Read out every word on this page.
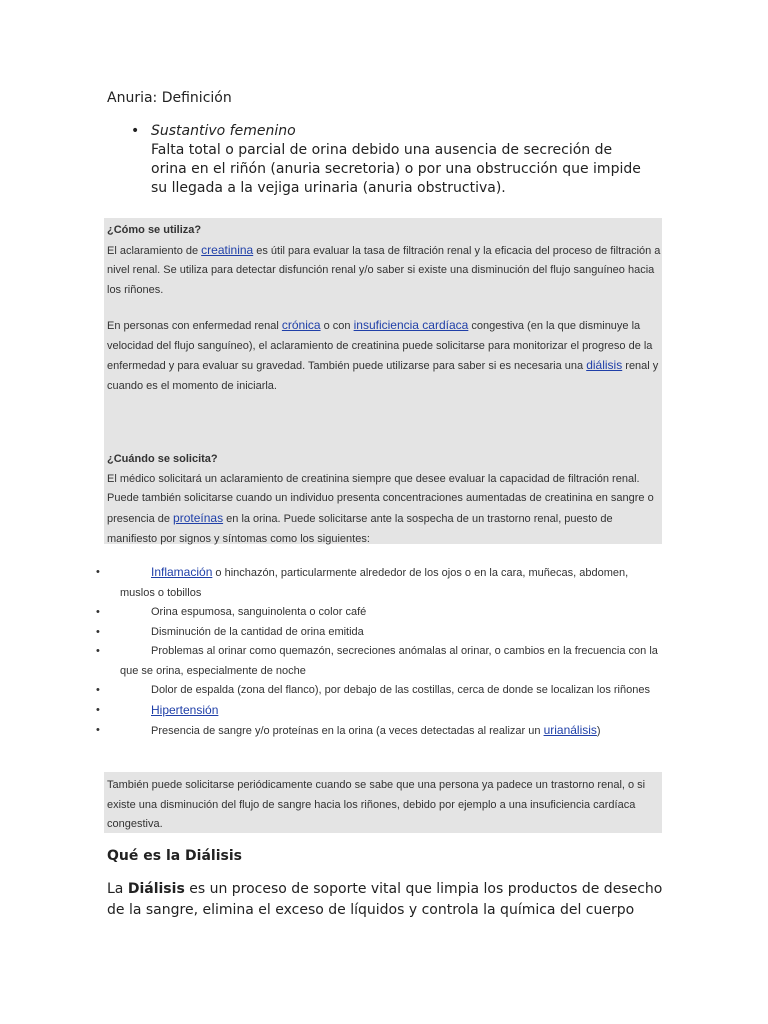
Anuria: Definición
• Sustantivo femenino
Falta total o parcial de orina debido una ausencia de secreción de orina en el riñón (anuria secretoria) o por una obstrucción que impide su llegada a la vejiga urinaria (anuria obstructiva).
¿Cómo se utiliza?
El aclaramiento de creatinina es útil para evaluar la tasa de filtración renal y la eficacia del proceso de filtración a nivel renal. Se utiliza para detectar disfunción renal y/o saber si existe una disminución del flujo sanguíneo hacia los riñones.
En personas con enfermedad renal crónica o con insuficiencia cardíaca congestiva (en la que disminuye la velocidad del flujo sanguíneo), el aclaramiento de creatinina puede solicitarse para monitorizar el progreso de la enfermedad y para evaluar su gravedad. También puede utilizarse para saber si es necesaria una diálisis renal y cuando es el momento de iniciarla.
¿Cuándo se solicita?
El médico solicitará un aclaramiento de creatinina siempre que desee evaluar la capacidad de filtración renal. Puede también solicitarse cuando un individuo presenta concentraciones aumentadas de creatinina en sangre o presencia de proteínas en la orina. Puede solicitarse ante la sospecha de un trastorno renal, puesto de manifiesto por signos y síntomas como los siguientes:
•	Inflamación o hinchazón, particularmente alrededor de los ojos o en la cara, muñecas, abdomen, muslos o tobillos
•	Orina espumosa, sanguinolenta o color café
•	Disminución de la cantidad de orina emitida
•	Problemas al orinar como quemazón, secreciones anómalas al orinar, o cambios en la frecuencia con la que se orina, especialmente de noche
•	Dolor de espalda (zona del flanco), por debajo de las costillas, cerca de donde se localizan los riñones
•	Hipertensión
•	Presencia de sangre y/o proteínas en la orina (a veces detectadas al realizar un urianálisis)
También puede solicitarse periódicamente cuando se sabe que una persona ya padece un trastorno renal, o si existe una disminución del flujo de sangre hacia los riñones, debido por ejemplo a una insuficiencia cardíaca congestiva.
Qué es la Diálisis
La Diálisis es un proceso de soporte vital que limpia los productos de desecho de la sangre, elimina el exceso de líquidos y controla la química del cuerpo
